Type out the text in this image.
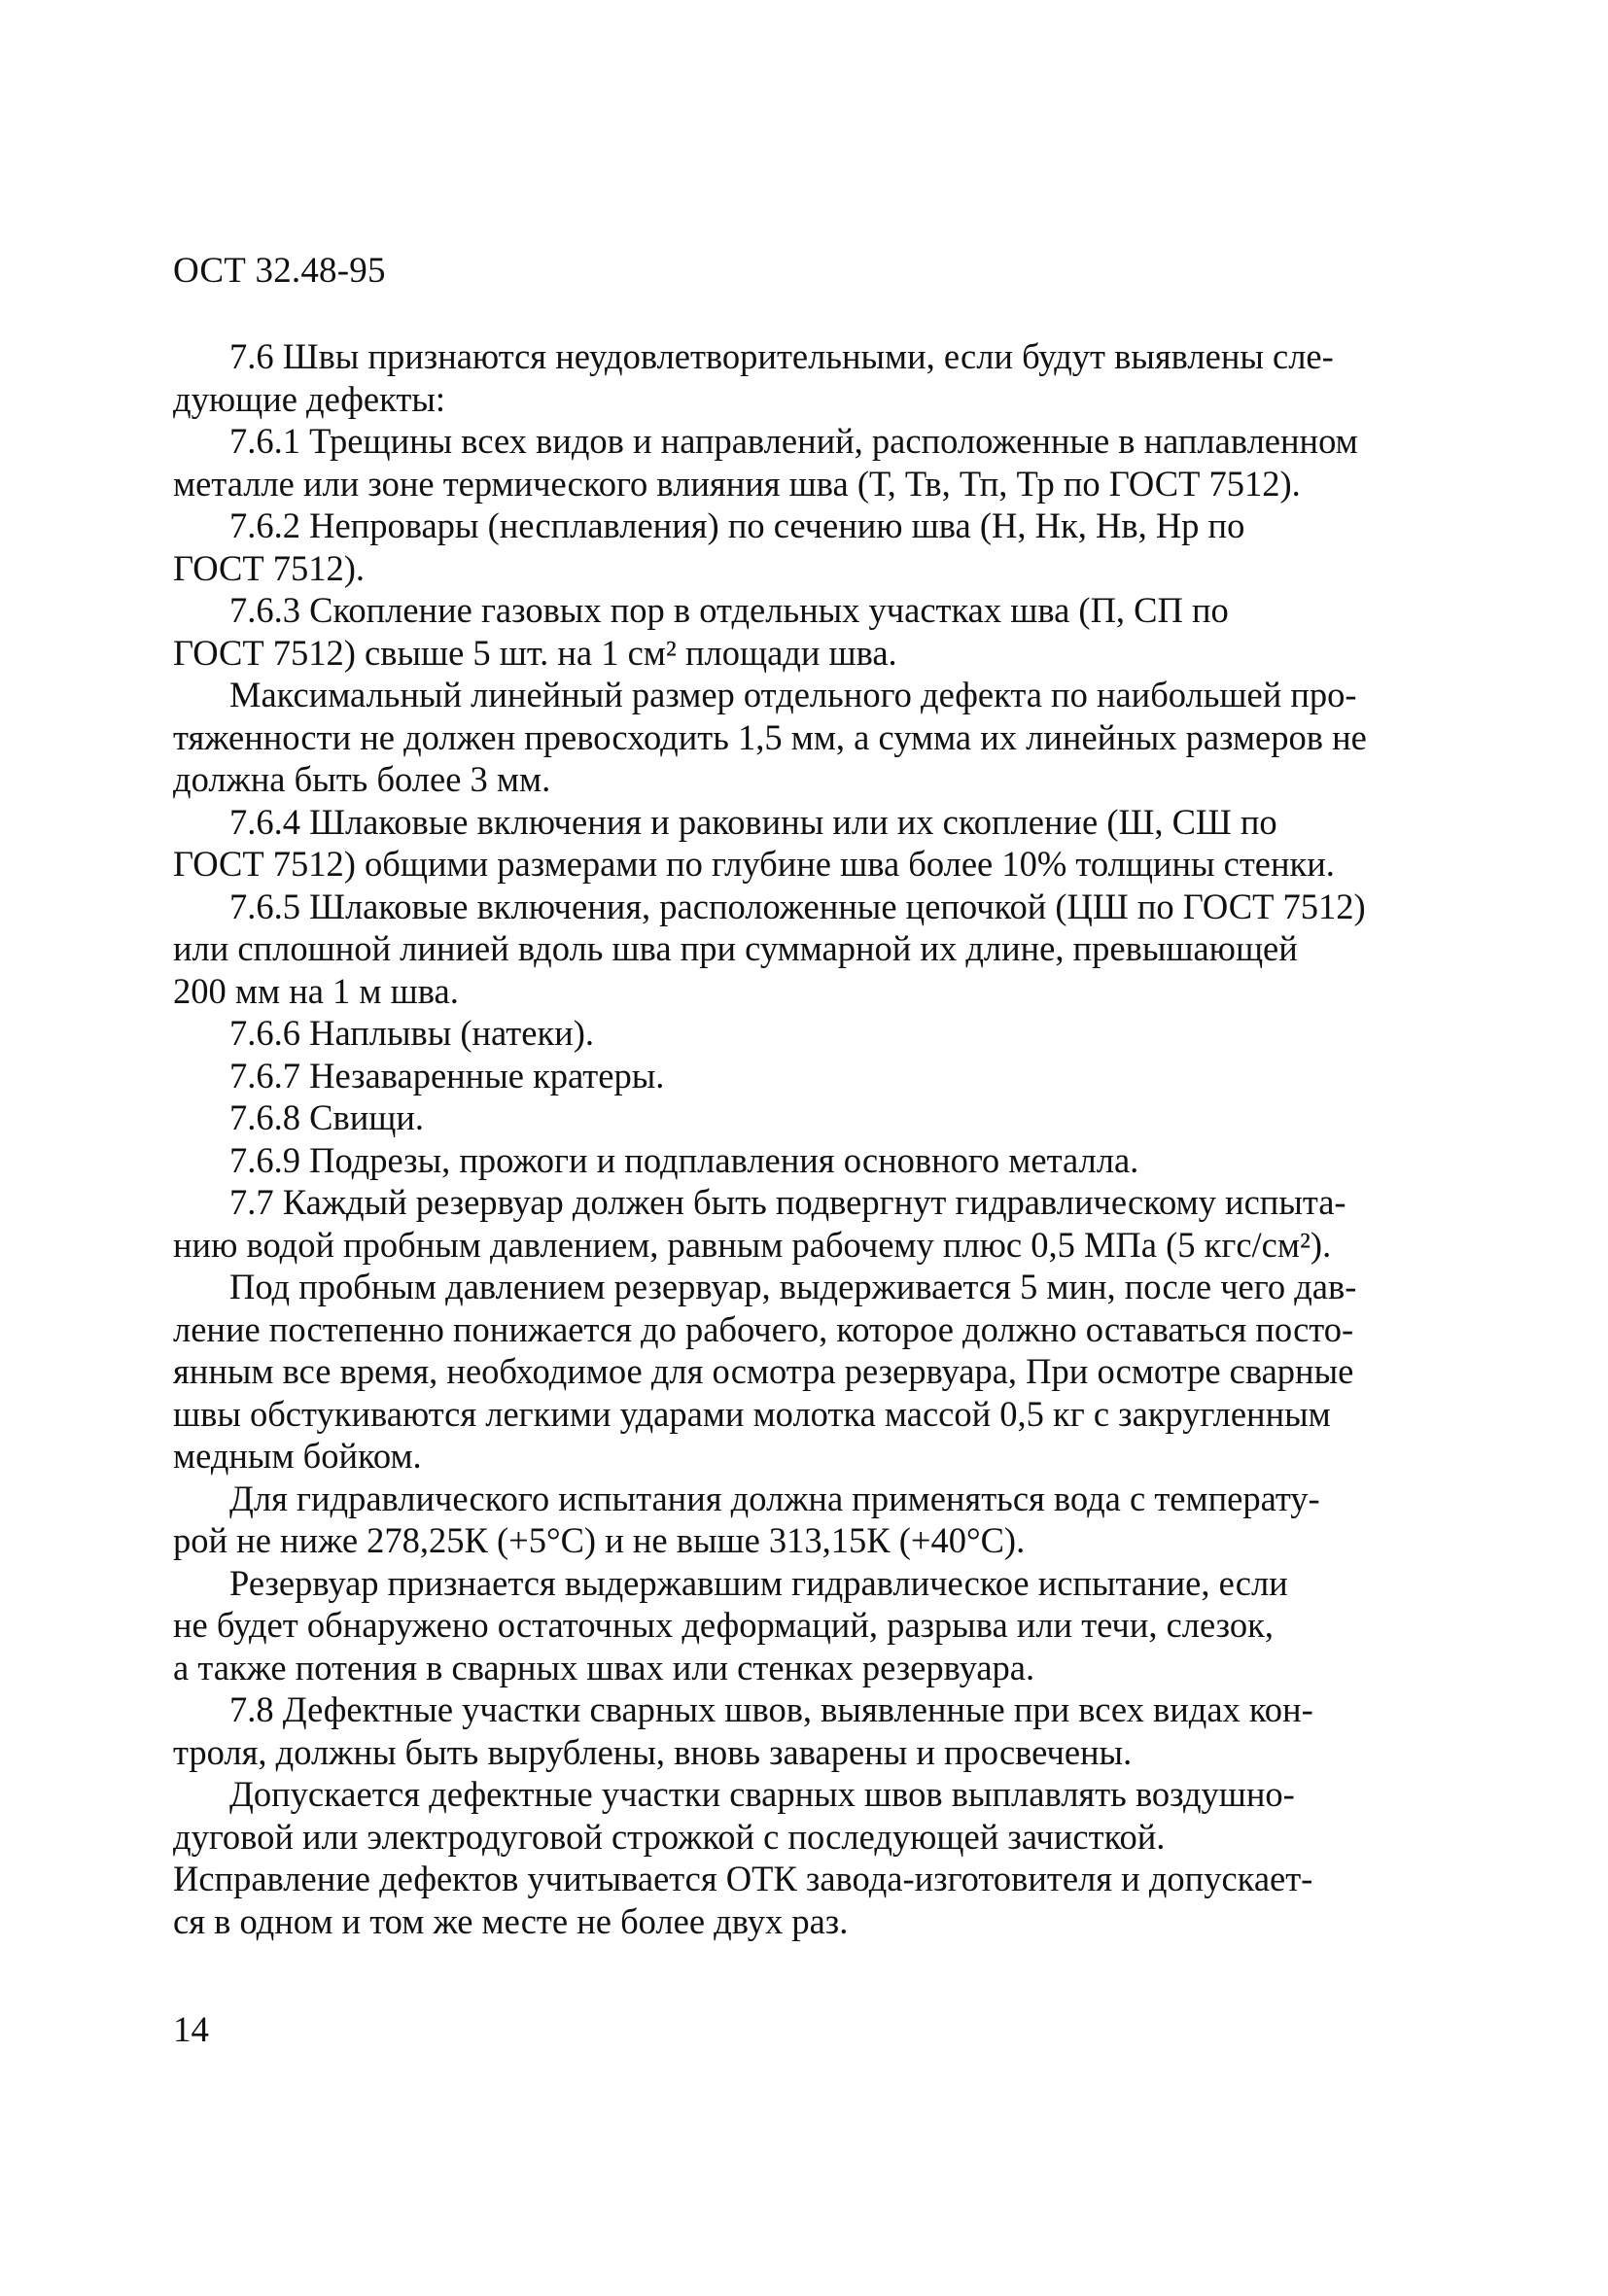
ОСТ 32.48-95
7.6 Швы признаются неудовлетворительными, если будут выявлены сле-
дующие дефекты:
7.6.1 Трещины всех видов и направлений, расположенные в наплавленном
металле или зоне термического влияния шва (Т, Тв, Тп, Тр по ГОСТ 7512).
7.6.2 Непровары (несплавления) по сечению шва (Н, Нк, Нв, Нр по
ГОСТ 7512).
7.6.3 Скопление газовых пор в отдельных участках шва (П, СП по
ГОСТ 7512) свыше 5 шт. на 1 см² площади шва.
Максимальный линейный размер отдельного дефекта по наибольшей про-
тяженности не должен превосходить 1,5 мм, а сумма их линейных размеров не
должна быть более 3 мм.
7.6.4 Шлаковые включения и раковины или их скопление (Ш, СШ по
ГОСТ 7512) общими размерами по глубине шва более 10% толщины стенки.
7.6.5 Шлаковые включения, расположенные цепочкой (ЦШ по ГОСТ 7512)
или сплошной линией вдоль шва при суммарной их длине, превышающей
200 мм на 1 м шва.
7.6.6 Наплывы (натеки).
7.6.7 Незаваренные кратеры.
7.6.8 Свищи.
7.6.9 Подрезы, прожоги и подплавления основного металла.
7.7 Каждый резервуар должен быть подвергнут гидравлическому испыта-
нию водой пробным давлением, равным рабочему плюс 0,5 МПа (5 кгс/см²).
Под пробным давлением резервуар, выдерживается 5 мин, после чего дав-
ление постепенно понижается до рабочего, которое должно оставаться посто-
янным все время, необходимое для осмотра резервуара, При осмотре сварные
швы обстукиваются легкими ударами молотка массой 0,5 кг с закругленным
медным бойком.
Для гидравлического испытания должна применяться вода с температу-
рой не ниже 278,25К (+5°С) и не выше 313,15К (+40°С).
Резервуар признается выдержавшим гидравлическое испытание, если
не будет обнаружено остаточных деформаций, разрыва или течи, слезок,
а также потения в сварных швах или стенках резервуара.
7.8 Дефектные участки сварных швов, выявленные при всех видах кон-
троля, должны быть вырублены, вновь заварены и просвечены.
Допускается дефектные участки сварных швов выплавлять воздушно-
дуговой или электродуговой строжкой с последующей зачисткой.
Исправление дефектов учитывается ОТК завода-изготовителя и допускает-
ся в одном и том же месте не более двух раз.
14
